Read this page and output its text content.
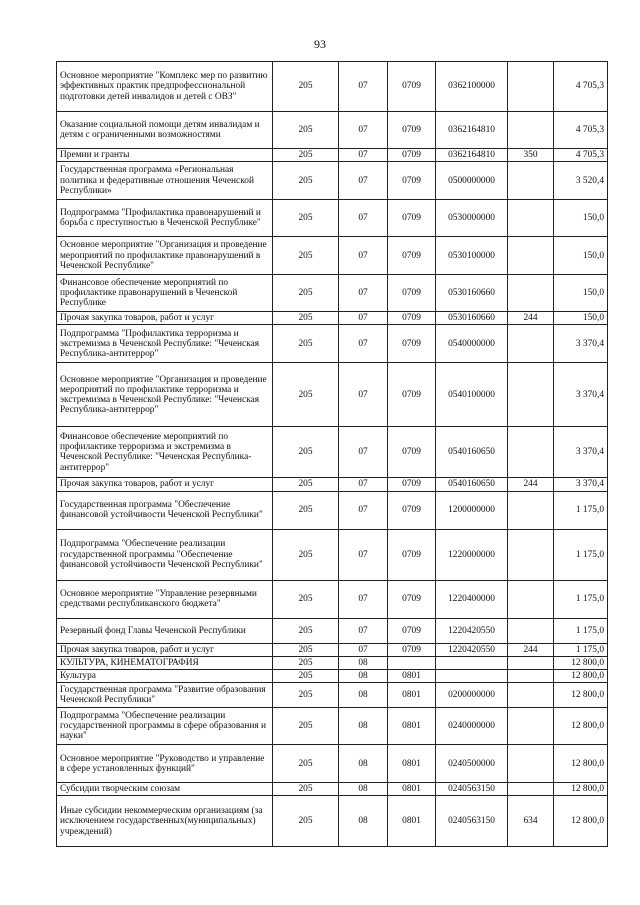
93
Основное мероприятие "Комплекс мер по развитию эффективных практик предпрофессиональной подготовки детей инвалидов и детей с ОВЗ"	205	07	0709	0362100000		4 705,3
Оказание социальной помощи детям инвалидам и детям с ограниченными возможностями	205	07	0709	0362164810		4 705,3
Премии и гранты	205	07	0709	0362164810	350	4 705,3
Государственная программа «Региональная политика и федеративные отношения Чеченской Республики»	205	07	0709	0500000000		3 520,4
Подпрограмма "Профилактика правонарушений и борьба с преступностью в Чеченской Республике"	205	07	0709	0530000000		150,0
Основное мероприятие "Организация и проведение мероприятий по профилактике правонарушений в Чеченской Республике"	205	07	0709	0530100000		150,0
Финансовое обеспечение мероприятий по профилактике правонарушений в Чеченской Республике	205	07	0709	0530160660		150,0
Прочая закупка товаров, работ и услуг	205	07	0709	0530160660	244	150,0
Подпрограмма "Профилактика терроризма и экстремизма в Чеченской Республике: "Чеченская Республика-антитеррор"	205	07	0709	0540000000		3 370,4
Основное мероприятие "Организация и проведение мероприятий по профилактике терроризма и экстремизма в Чеченской Республике: "Чеченская Республика-антитеррор"	205	07	0709	0540100000		3 370,4
Финансовое обеспечение мероприятий по профилактике терроризма и экстремизма в Чеченской Республике: "Чеченская Республика-антитеррор"	205	07	0709	0540160650		3 370,4
Прочая закупка товаров, работ и услуг	205	07	0709	0540160650	244	3 370,4
Государственная программа "Обеспечение финансовой устойчивости Чеченской Республики"	205	07	0709	1200000000		1 175,0
Подпрограмма "Обеспечение реализации государственной программы "Обеспечение финансовой устойчивости Чеченской Республики"	205	07	0709	1220000000		1 175,0
Основное мероприятие "Управление резервными средствами республиканского бюджета"	205	07	0709	1220400000		1 175,0
Резервный фонд Главы Чеченской Республики	205	07	0709	1220420550		1 175,0
Прочая закупка товаров, работ и услуг	205	07	0709	1220420550	244	1 175,0
КУЛЬТУРА, КИНЕМАТОГРАФИЯ	205	08				12 800,0
Культура	205	08	0801			12 800,0
Государственная программа "Развитие образования Чеченской Республики"	205	08	0801	0200000000		12 800,0
Подпрограмма "Обеспечение реализации государственной программы в сфере образования и науки"	205	08	0801	0240000000		12 800,0
Основное мероприятие "Руководство и управление в сфере установленных функций"	205	08	0801	0240500000		12 800,0
Субсидии творческим союзам	205	08	0801	0240563150		12 800,0
Иные субсидии некоммерческим организациям (за исключением государственных(муниципальных) учреждений)	205	08	0801	0240563150	634	12 800,0
